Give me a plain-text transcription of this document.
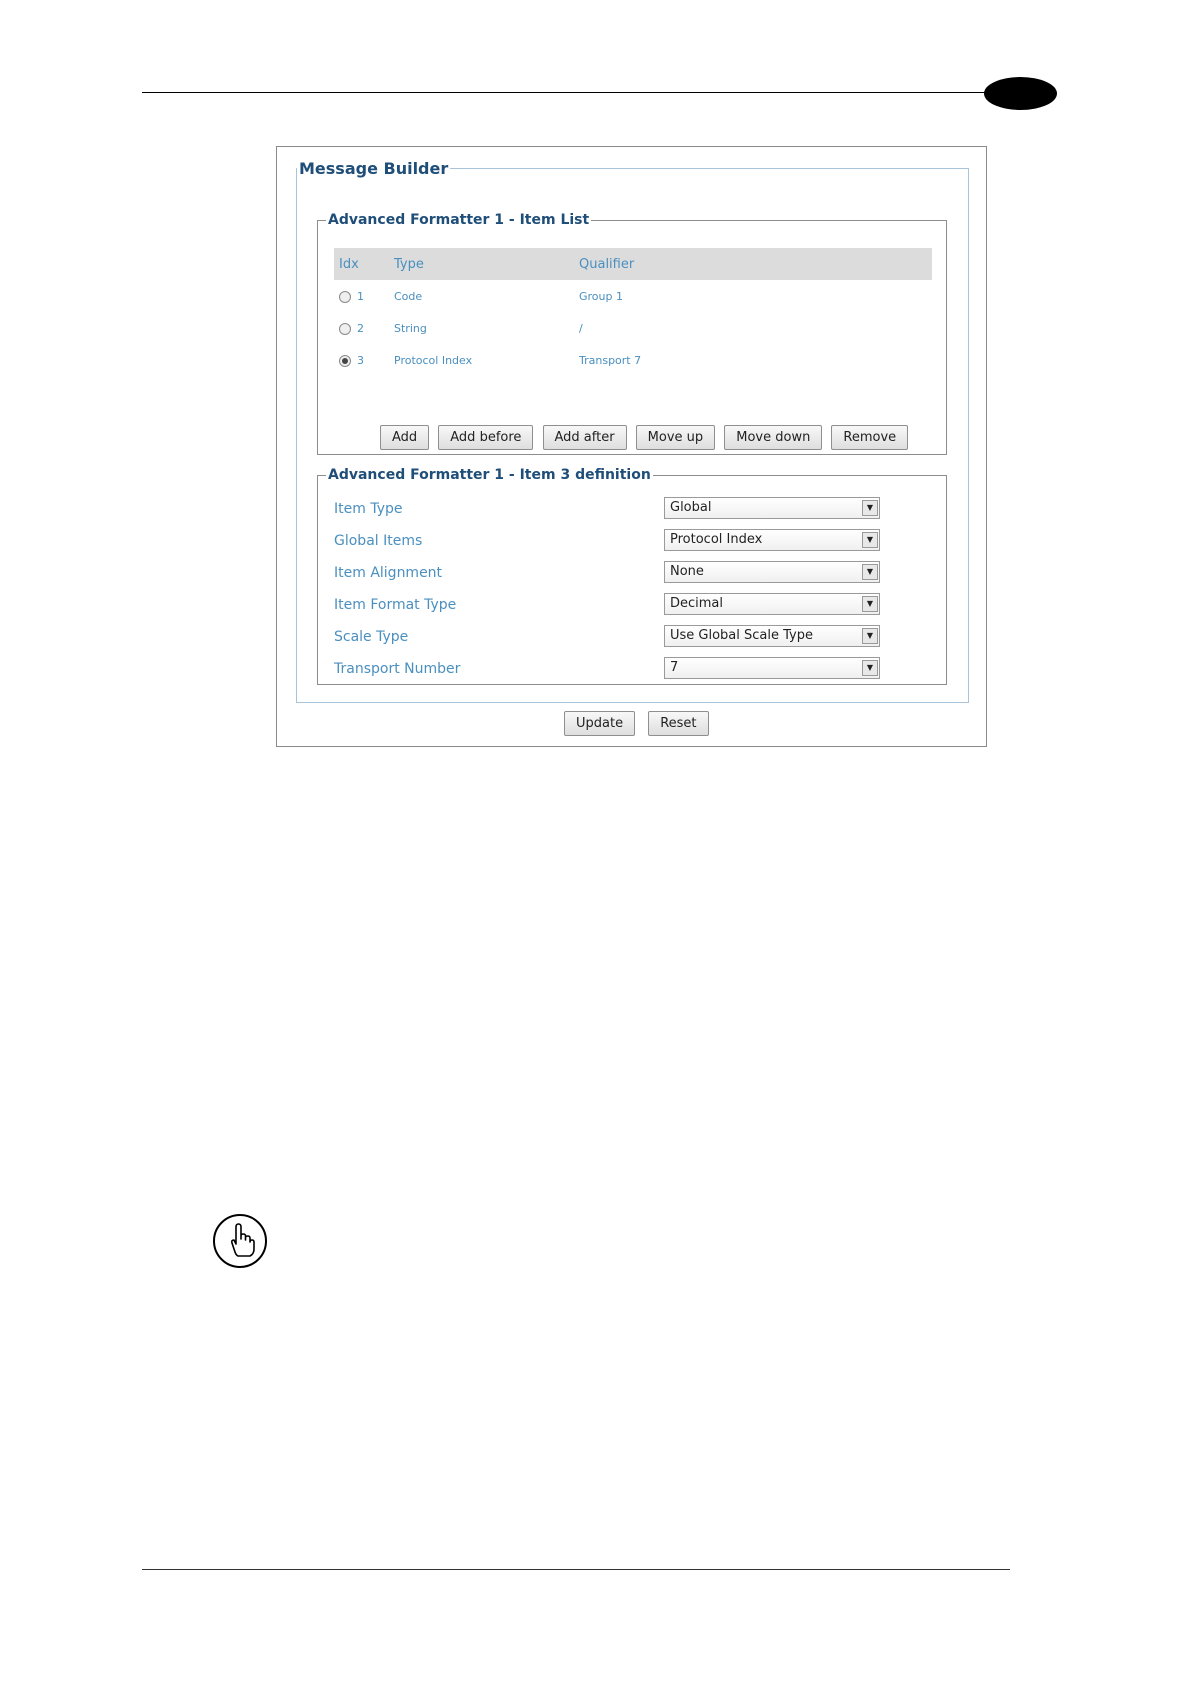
Message Builder
Advanced Formatter 1 - Item List
Idx	Type	Qualifier
1	Code	Group 1
2	String	/
3	Protocol Index	Transport 7
Add	Add before	Add after	Move up	Move down	Remove
Advanced Formatter 1 - Item 3 definition
Item Type	Global	▼
Global Items	Protocol Index	▼
Item Alignment	None	▼
Item Format Type	Decimal	▼
Scale Type	Use Global Scale Type	▼
Transport Number	7	▼
Update	Reset
